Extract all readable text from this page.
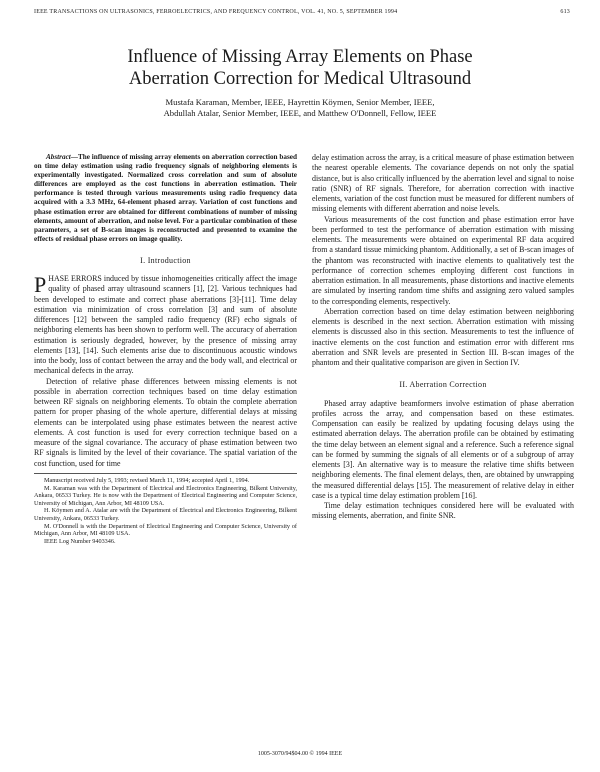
IEEE TRANSACTIONS ON ULTRASONICS, FERROELECTRICS, AND FREQUENCY CONTROL, VOL. 41, NO. 5, SEPTEMBER 1994	613
Influence of Missing Array Elements on Phase
Aberration Correction for Medical Ultrasound
Mustafa Karaman, Member, IEEE, Hayrettin Köymen, Senior Member, IEEE,
Abdullah Atalar, Senior Member, IEEE, and Matthew O'Donnell, Fellow, IEEE

Abstract—The influence of missing array elements on aberration correction based on time delay estimation using radio frequency signals of neighboring elements is experimentally investigated. Normalized cross correlation and sum of absolute differences are employed as the cost functions in aberration estimation. Their performance is tested through various measurements using radio frequency data acquired with a 3.3 MHz, 64-element phased array. Variation of cost functions and phase estimation error are obtained for different combinations of number of missing elements, amount of aberration, and noise level. For a particular combination of these parameters, a set of B-scan images is reconstructed and presented to examine the effects of residual phase errors on image quality.

I. Introduction

PHASE ERRORS induced by tissue inhomogeneities critically affect the image quality of phased array ultrasound scanners [1], [2]. Various techniques had been developed to estimate and correct phase aberrations [3]-[11]. Time delay estimation via minimization of cross correlation [3] and sum of absolute differences [12] between the sampled radio frequency (RF) echo signals of neighboring elements has been shown to perform well. The accuracy of aberration estimation is seriously degraded, however, by the presence of missing array elements [13], [14]. Such elements arise due to discontinuous acoustic windows into the body, loss of contact between the array and the body wall, and electrical or mechanical defects in the array.

Detection of relative phase differences between missing elements is not possible in aberration correction techniques based on time delay estimation between RF signals on neighboring elements. To obtain the complete aberration pattern for proper phasing of the whole aperture, differential delays at missing elements can be interpolated using phase estimates between the nearest active elements. A cost function is used for every correction technique based on a measure of the signal covariance. The accuracy of phase estimation between two RF signals is limited by the level of their covariance. The spatial variation of the cost function, used for time

Manuscript received July 5, 1993; revised March 11, 1994; accepted April 1, 1994.

M. Karaman was with the Department of Electrical and Electronics Engineering, Bilkent University, Ankara, 06533 Turkey. He is now with the Department of Electrical Engineering and Computer Science, University of Michigan, Ann Arbor, MI 48109 USA.

H. Köymen and A. Atalar are with the Department of Electrical and Electronics Engineering, Bilkent University, Ankara, 06533 Turkey.

M. O'Donnell is with the Department of Electrical Engineering and Computer Science, University of Michigan, Ann Arbor, MI 48109 USA.

IEEE Log Number 9403346.

delay estimation across the array, is a critical measure of phase estimation between the nearest operable elements. The covariance depends on not only the spatial distance, but is also critically influenced by the aberration level and signal to noise ratio (SNR) of RF signals. Therefore, for aberration correction with inactive elements, variation of the cost function must be measured for different numbers of missing elements with different aberration and noise levels.

Various measurements of the cost function and phase estimation error have been performed to test the performance of aberration estimation with missing elements. The measurements were obtained on experimental RF data acquired from a standard tissue mimicking phantom. Additionally, a set of B-scan images of the phantom was reconstructed with inactive elements to qualitatively test the performance of correction schemes employing different cost functions in aberration estimation. In all measurements, phase distortions and inactive elements are simulated by inserting random time shifts and assigning zero valued samples to the corresponding elements, respectively.

Aberration correction based on time delay estimation between neighboring elements is described in the next section. Aberration estimation with missing elements is discussed also in this section. Measurements to test the influence of inactive elements on the cost function and estimation error with different rms aberration and SNR levels are presented in Section III. B-scan images of the phantom and their qualitative comparison are given in Section IV.

II. Aberration Correction

Phased array adaptive beamformers involve estimation of phase aberration profiles across the array, and compensation based on these estimates. Compensation can easily be realized by updating focusing delays using the estimated aberration delays. The aberration profile can be obtained by estimating the time delay between an element signal and a reference. Such a reference signal can be formed by summing the signals of all elements or of a subgroup of array elements [3]. An alternative way is to measure the relative time shifts between neighboring elements. The final element delays, then, are obtained by unwrapping the measured differential delays [15]. The measurement of relative delay in either case is a typical time delay estimation problem [16].

Time delay estimation techniques considered here will be evaluated with missing elements, aberration, and finite SNR.

1005-3070/94$04.00 © 1994 IEEE
